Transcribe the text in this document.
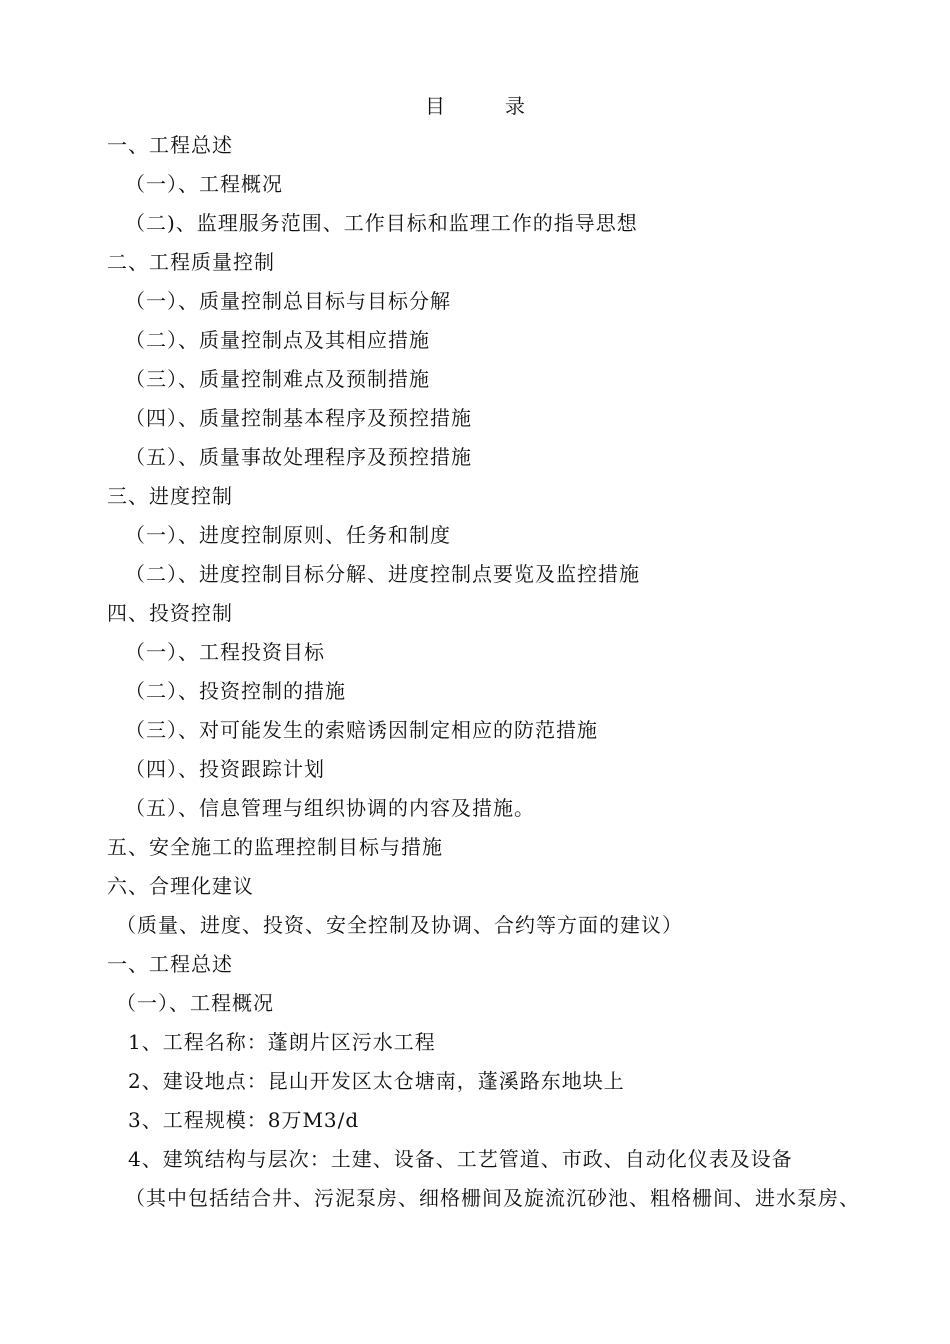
目	录
一、工程总述
（一）、工程概况
（二)、监理服务范围、工作目标和监理工作的指导思想
二、工程质量控制
（一）、质量控制总目标与目标分解
（二）、质量控制点及其相应措施
（三）、质量控制难点及预制措施
（四）、质量控制基本程序及预控措施
（五）、质量事故处理程序及预控措施
三、进度控制
（一）、进度控制原则、任务和制度
（二）、进度控制目标分解、进度控制点要览及监控措施
四、投资控制
（一）、工程投资目标
（二）、投资控制的措施
（三）、对可能发生的索赔诱因制定相应的防范措施
（四）、投资跟踪计划
（五）、信息管理与组织协调的内容及措施。
五、安全施工的监理控制目标与措施
六、合理化建议
（质量、进度、投资、安全控制及协调、合约等方面的建议）
一、工程总述
（一）、工程概况
1、工程名称：蓬朗片区污水工程
2、建设地点：昆山开发区太仓塘南，蓬溪路东地块上
3、工程规模：8万M3/d
4、建筑结构与层次：土建、设备、工艺管道、市政、自动化仪表及设备
（其中包括结合井、污泥泵房、细格栅间及旋流沉砂池、粗格栅间、进水泵房、
